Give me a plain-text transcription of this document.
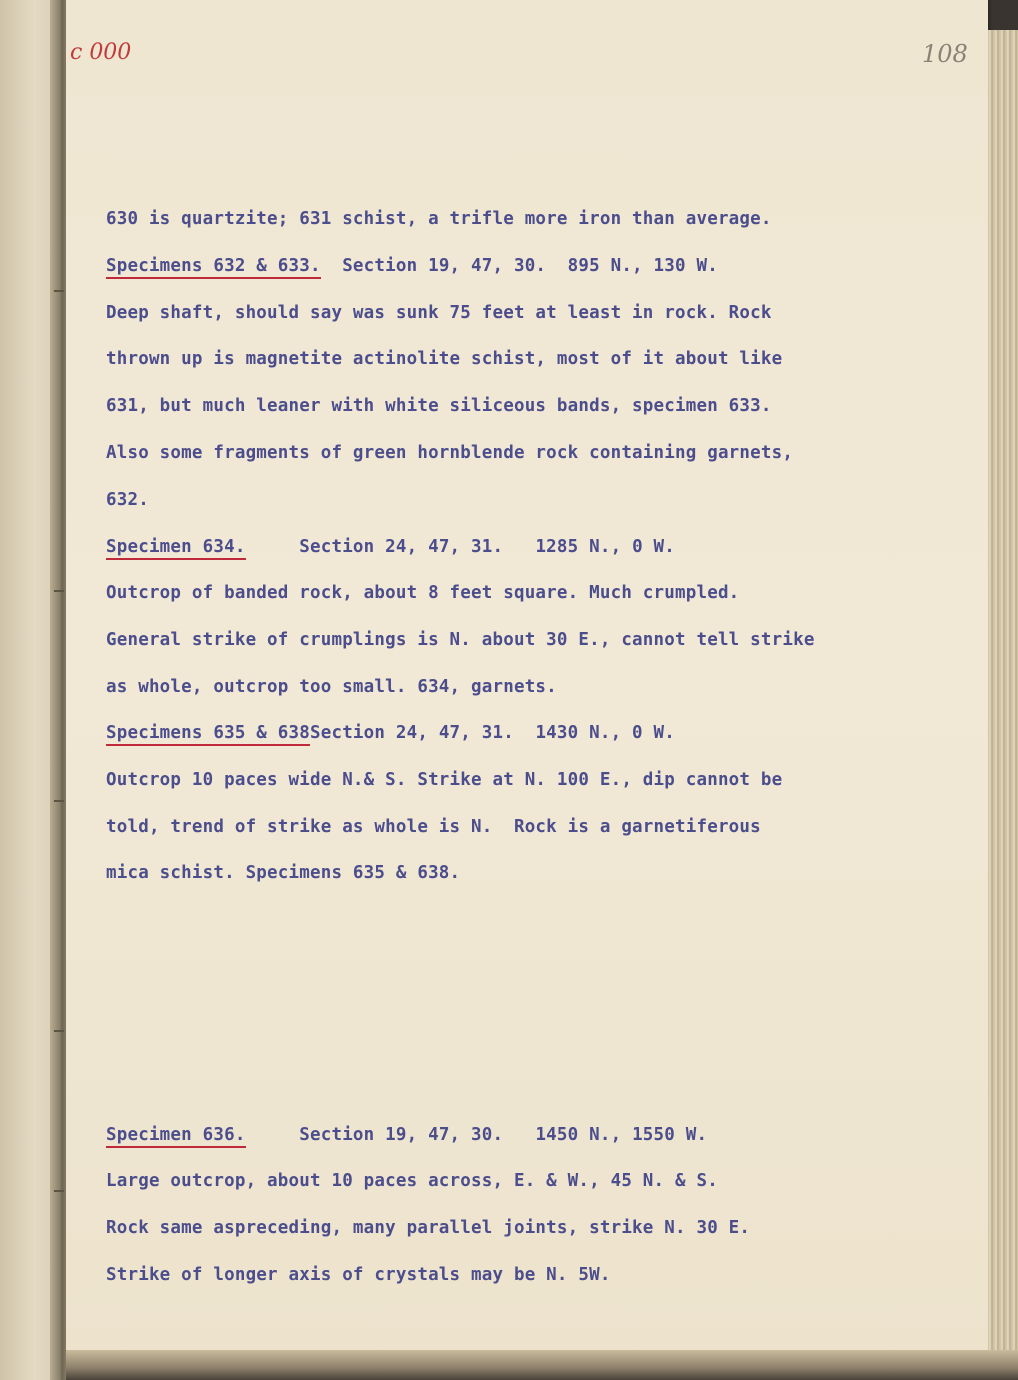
c 000	108
630 is quartzite; 631 schist, a trifle more iron than average.
Specimens 632 & 633.  Section 19, 47, 30.  895 N., 130 W.
Deep shaft, should say was sunk 75 feet at least in rock. Rock
thrown up is magnetite actinolite schist, most of it about like
631, but much leaner with white siliceous bands, specimen 633.
Also some fragments of green hornblende rock containing garnets,
632.
Specimen 634.     Section 24, 47, 31.   1285 N., 0 W.
Outcrop of banded rock, about 8 feet square. Much crumpled.
General strike of crumplings is N. about 30 E., cannot tell strike
as whole, outcrop too small. 634, garnets.
Specimens 635 & 638Section 24, 47, 31.  1430 N., 0 W.
Outcrop 10 paces wide N.& S. Strike at N. 100 E., dip cannot be
told, trend of strike as whole is N.  Rock is a garnetiferous
mica schist. Specimens 635 & 638.
Specimen 636.     Section 19, 47, 30.   1450 N., 1550 W.
Large outcrop, about 10 paces across, E. & W., 45 N. & S.
Rock same aspreceding, many parallel joints, strike N. 30 E.
Strike of longer axis of crystals may be N. 5W.
